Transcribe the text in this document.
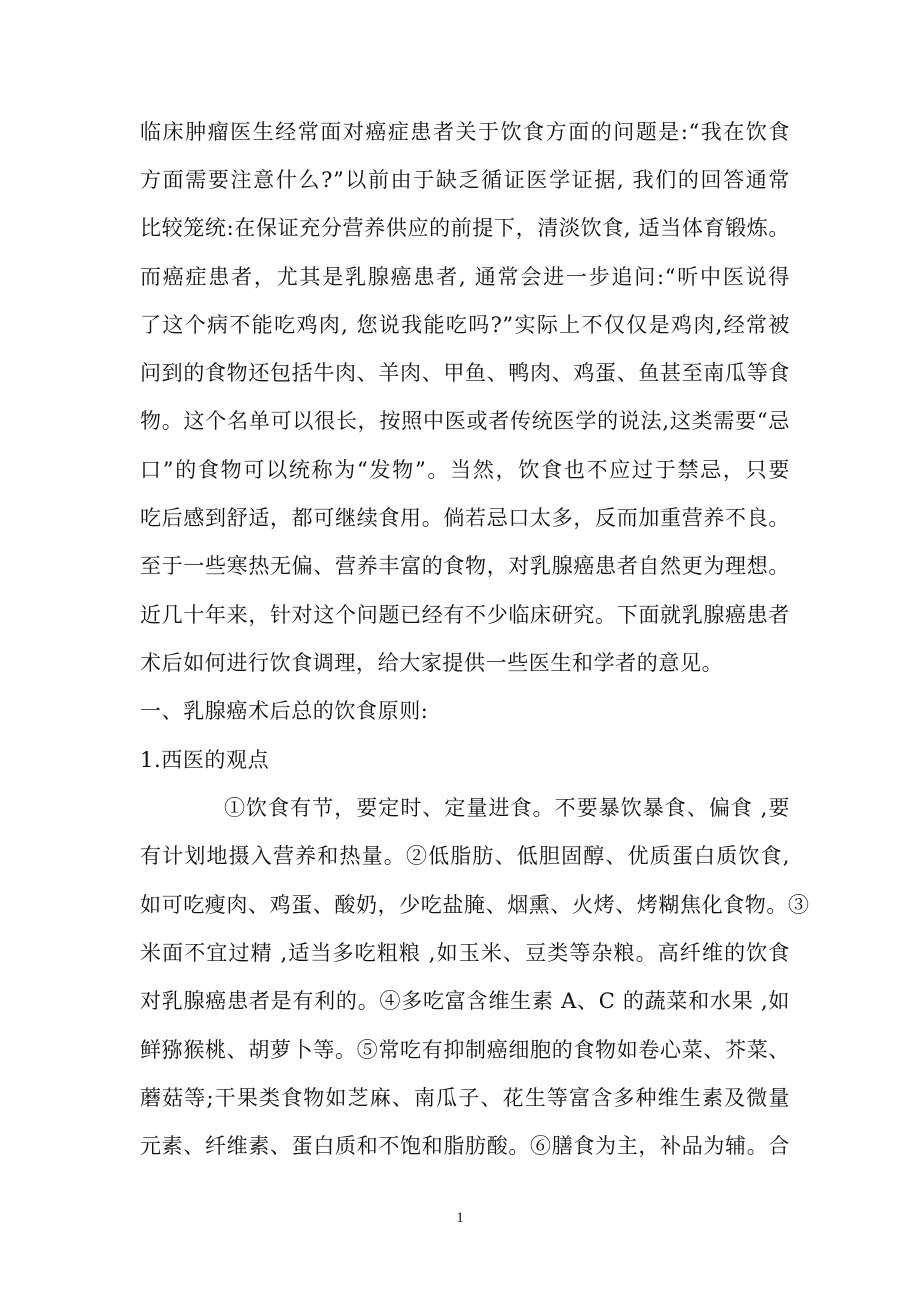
临床肿瘤医生经常面对癌症患者关于饮食方面的问题是:“我在饮食
方面需要注意什么?”以前由于缺乏循证医学证据, 我们的回答通常
比较笼统:在保证充分营养供应的前提下，清淡饮食, 适当体育锻炼。
而癌症患者，尤其是乳腺癌患者, 通常会进一步追问:“听中医说得
了这个病不能吃鸡肉, 您说我能吃吗?”实际上不仅仅是鸡肉,经常被
问到的食物还包括牛肉、羊肉、甲鱼、鸭肉、鸡蛋、鱼甚至南瓜等食
物。这个名单可以很长，按照中医或者传统医学的说法,这类需要“忌
口”的食物可以统称为“发物”。当然，饮食也不应过于禁忌，只要
吃后感到舒适，都可继续食用。倘若忌口太多，反而加重营养不良。
至于一些寒热无偏、营养丰富的食物，对乳腺癌患者自然更为理想。
近几十年来，针对这个问题已经有不少临床研究。下面就乳腺癌患者
术后如何进行饮食调理，给大家提供一些医生和学者的意见。
一、乳腺癌术后总的饮食原则:
1.西医的观点
①饮食有节，要定时、定量进食。不要暴饮暴食、偏食 ,要
有计划地摄入营养和热量。②低脂肪、低胆固醇、优质蛋白质饮食,
如可吃瘦肉、鸡蛋、酸奶，少吃盐腌、烟熏、火烤、烤糊焦化食物。③
米面不宜过精 ,适当多吃粗粮 ,如玉米、豆类等杂粮。高纤维的饮食
对乳腺癌患者是有利的。④多吃富含维生素 A、C 的蔬菜和水果 ,如
鲜猕猴桃、胡萝卜等。⑤常吃有抑制癌细胞的食物如卷心菜、芥菜、
蘑菇等;干果类食物如芝麻、南瓜子、花生等富含多种维生素及微量
元素、纤维素、蛋白质和不饱和脂肪酸。⑥膳食为主，补品为辅。合
1
